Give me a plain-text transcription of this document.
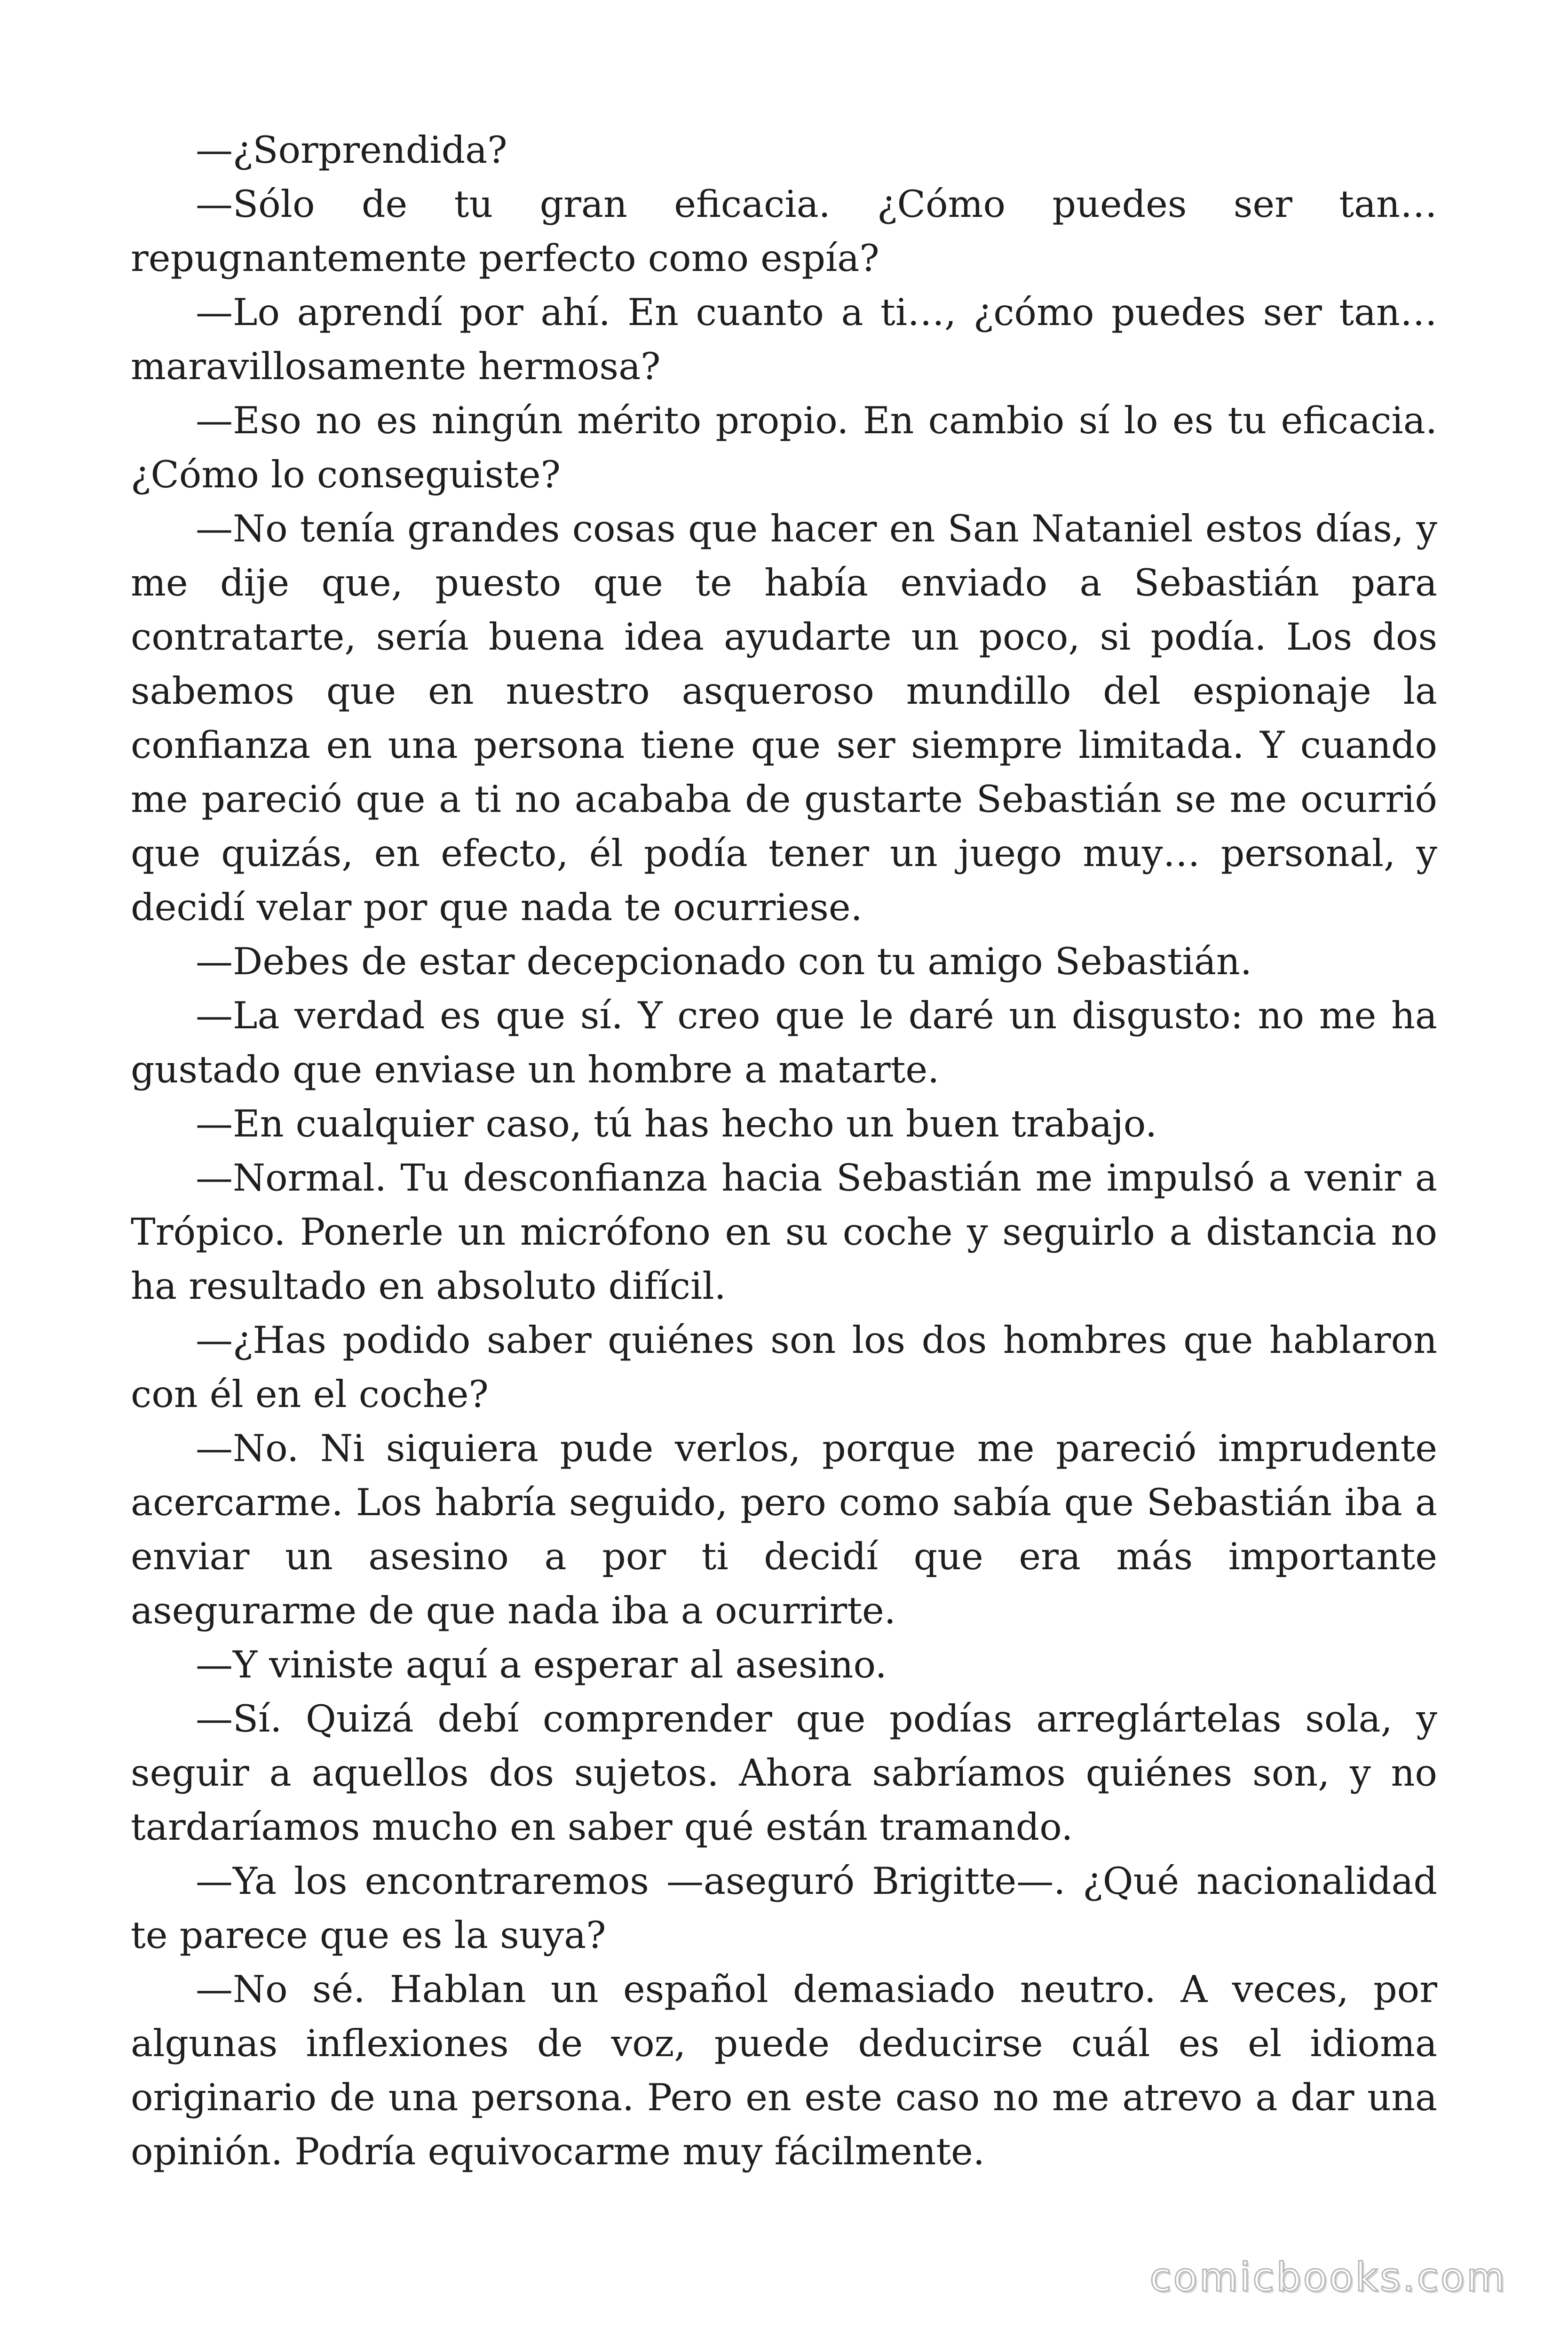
—¿Sorprendida?

—Sólo de tu gran eficacia. ¿Cómo puedes ser tan… repugnantemente perfecto como espía?

—Lo aprendí por ahí. En cuanto a ti…, ¿cómo puedes ser tan… maravillosamente hermosa?

—Eso no es ningún mérito propio. En cambio sí lo es tu eficacia. ¿Cómo lo conseguiste?

—No tenía grandes cosas que hacer en San Nataniel estos días, y me dije que, puesto que te había enviado a Sebastián para contratarte, sería buena idea ayudarte un poco, si podía. Los dos sabemos que en nuestro asqueroso mundillo del espionaje la confianza en una persona tiene que ser siempre limitada. Y cuando me pareció que a ti no acababa de gustarte Sebastián se me ocurrió que quizás, en efecto, él podía tener un juego muy… personal, y decidí velar por que nada te ocurriese.

—Debes de estar decepcionado con tu amigo Sebastián.

—La verdad es que sí. Y creo que le daré un disgusto: no me ha gustado que enviase un hombre a matarte.

—En cualquier caso, tú has hecho un buen trabajo.

—Normal. Tu desconfianza hacia Sebastián me impulsó a venir a Trópico. Ponerle un micrófono en su coche y seguirlo a distancia no ha resultado en absoluto difícil.

—¿Has podido saber quiénes son los dos hombres que hablaron con él en el coche?

—No. Ni siquiera pude verlos, porque me pareció imprudente acercarme. Los habría seguido, pero como sabía que Sebastián iba a enviar un asesino a por ti decidí que era más importante asegurarme de que nada iba a ocurrirte.

—Y viniste aquí a esperar al asesino.

—Sí. Quizá debí comprender que podías arreglártelas sola, y seguir a aquellos dos sujetos. Ahora sabríamos quiénes son, y no tardaríamos mucho en saber qué están tramando.

—Ya los encontraremos —aseguró Brigitte—. ¿Qué nacionalidad te parece que es la suya?

—No sé. Hablan un español demasiado neutro. A veces, por algunas inflexiones de voz, puede deducirse cuál es el idioma originario de una persona. Pero en este caso no me atrevo a dar una opinión. Podría equivocarme muy fácilmente.

comicbooks.com
